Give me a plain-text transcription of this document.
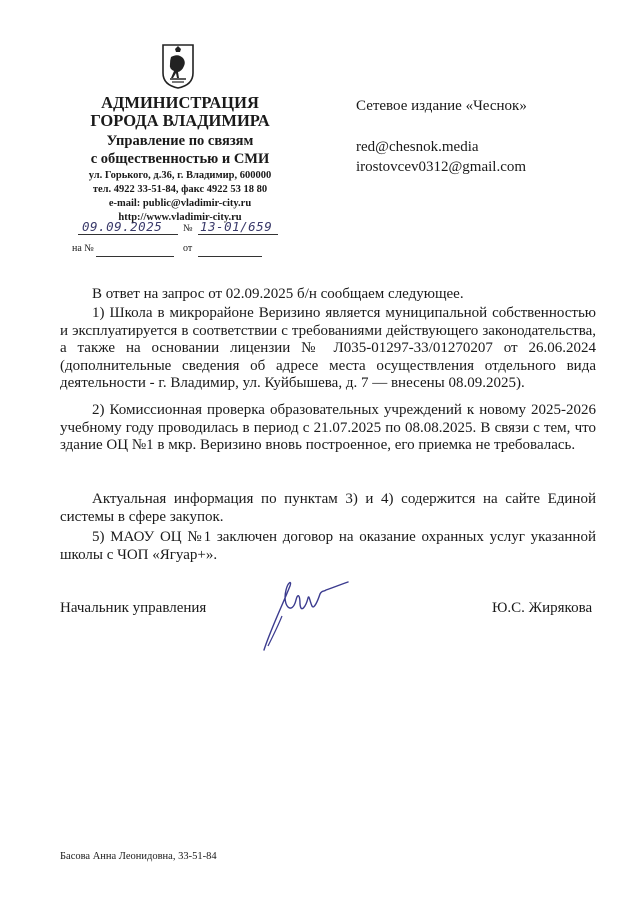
АДМИНИСТРАЦИЯ
ГОРОДА ВЛАДИМИРА
Управление по связям
с общественностью и СМИ
ул. Горького, д.36, г. Владимир, 600000
тел. 4922 33-51-84, факс 4922 53 18 80
e-mail: public@vladimir-city.ru
http://www.vladimir-city.ru
09.09.2025 № 13-01/659
на №	от
Сетевое издание «Чеснок»
red@chesnok.media
irostovcev0312@gmail.com

В ответ на запрос от 02.09.2025 б/н сообщаем следующее.

1) Школа в микрорайоне Веризино является муниципальной собственностью и эксплуатируется в соответствии с требованиями действующего законодательства, а также на основании лицензии № Л035-01297-33/01270207 от 26.06.2024 (дополнительные сведения об адресе места осуществления отдельного вида деятельности - г. Владимир, ул. Куйбышева, д. 7 — внесены 08.09.2025).

2) Комиссионная проверка образовательных учреждений к новому 2025-2026 учебному году проводилась в период с 21.07.2025 по 08.08.2025. В связи с тем, что здание ОЦ №1 в мкр. Веризино вновь построенное, его приемка не требовалась.

Актуальная информация по пунктам 3) и 4) содержится на сайте Единой системы в сфере закупок.

5) МАОУ ОЦ №1 заключен договор на оказание охранных услуг указанной школы с ЧОП «Ягуар+».

Начальник управления	Ю.С. Жирякова
Басова Анна Леонидовна, 33-51-84
